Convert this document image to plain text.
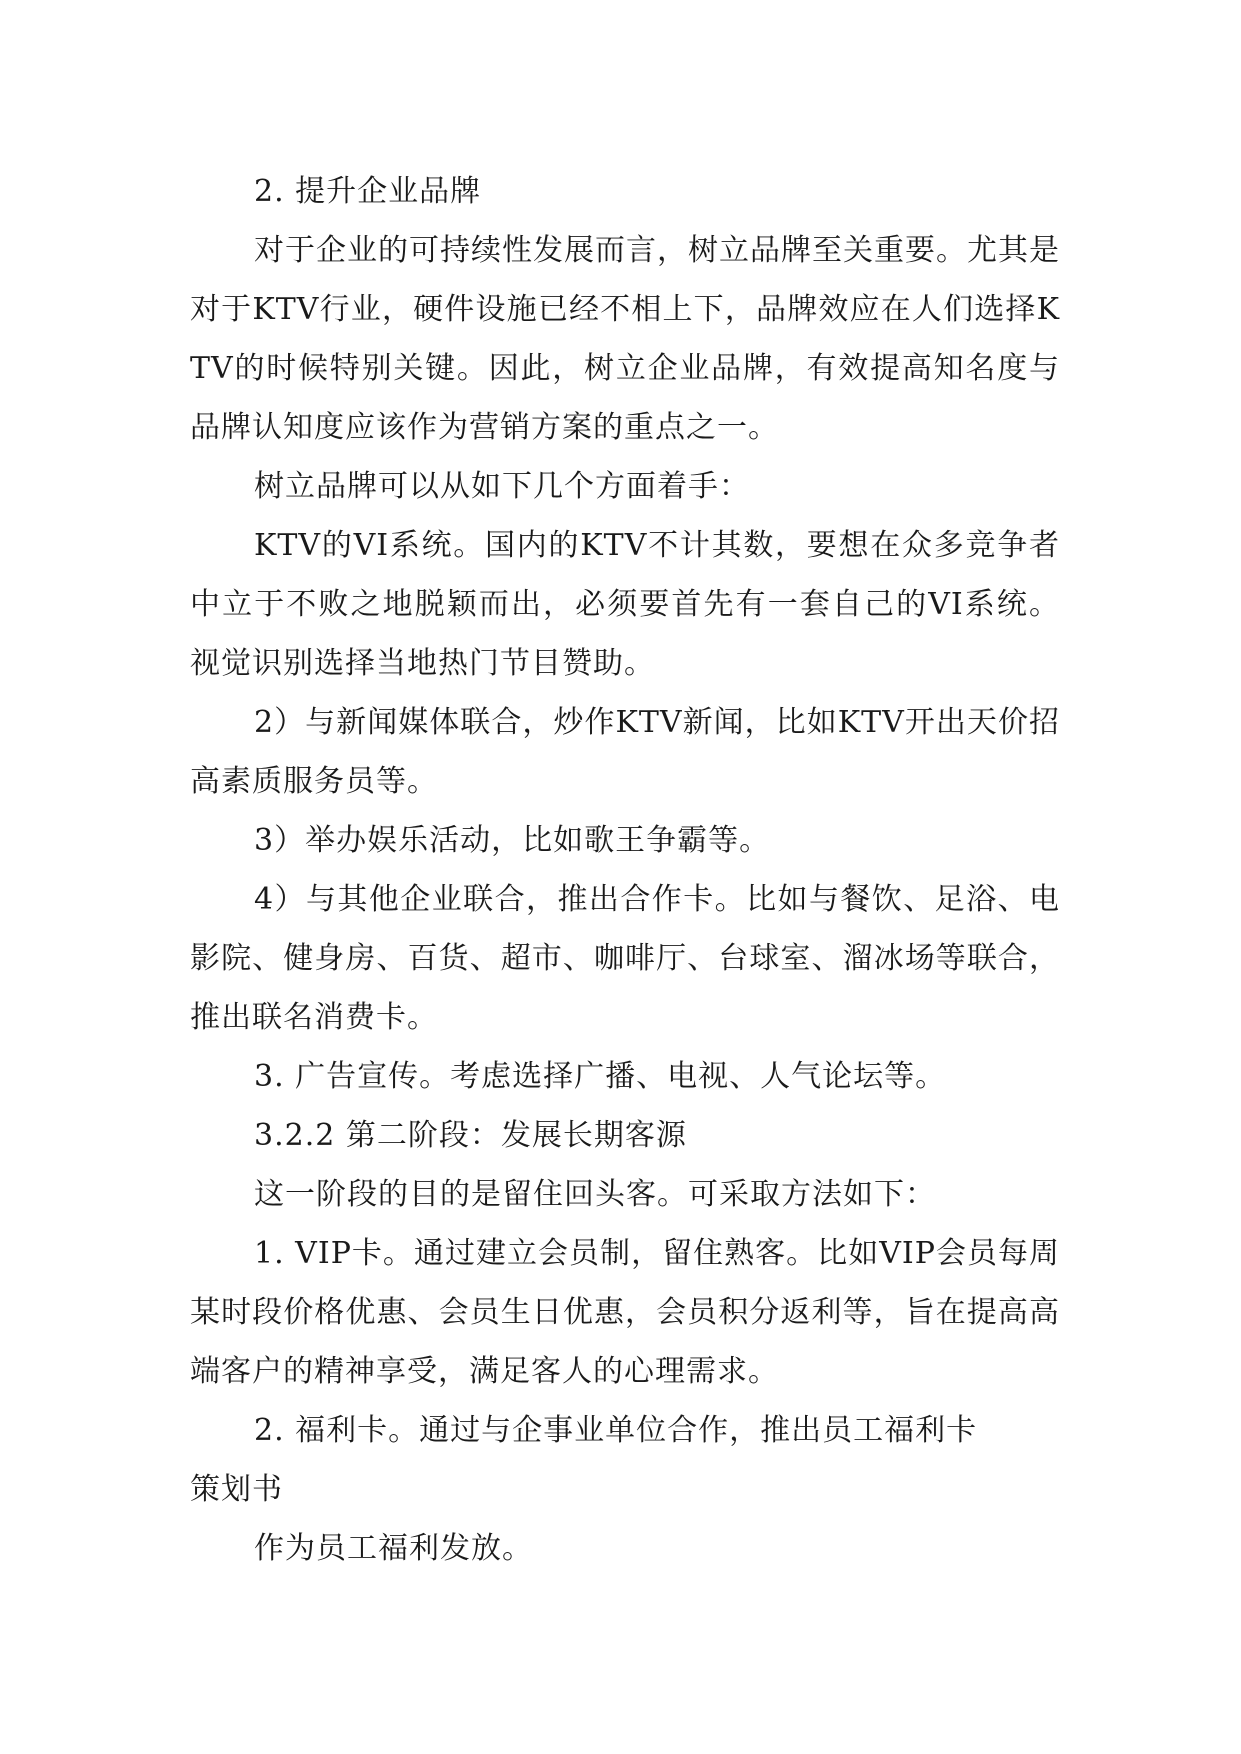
2. 提升企业品牌

对于企业的可持续性发展而言，树立品牌至关重要。尤其是对于KTV行业，硬件设施已经不相上下，品牌效应在人们选择KTV的时候特别关键。因此，树立企业品牌，有效提高知名度与品牌认知度应该作为营销方案的重点之一。

树立品牌可以从如下几个方面着手：

KTV的VI系统。国内的KTV不计其数，要想在众多竞争者中立于不败之地脱颖而出，必须要首先有一套自己的VI系统。视觉识别选择当地热门节目赞助。

2）与新闻媒体联合，炒作KTV新闻，比如KTV开出天价招高素质服务员等。

3）举办娱乐活动，比如歌王争霸等。

4）与其他企业联合，推出合作卡。比如与餐饮、足浴、电影院、健身房、百货、超市、咖啡厅、台球室、溜冰场等联合，推出联名消费卡。

3. 广告宣传。考虑选择广播、电视、人气论坛等。

3.2.2 第二阶段：发展长期客源

这一阶段的目的是留住回头客。可采取方法如下：

1. VIP卡。通过建立会员制，留住熟客。比如VIP会员每周某时段价格优惠、会员生日优惠，会员积分返利等，旨在提高高端客户的精神享受，满足客人的心理需求。

2. 福利卡。通过与企事业单位合作，推出员工福利卡

策划书

作为员工福利发放。
